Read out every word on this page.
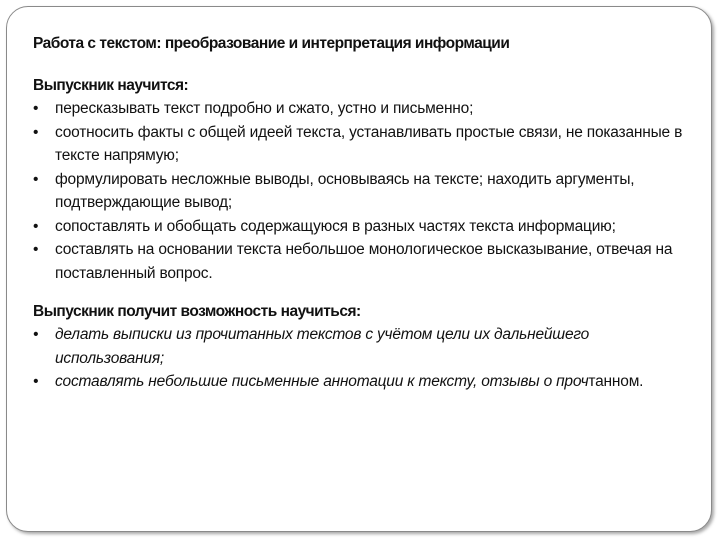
Работа с текстом: преобразование и интерпретация информации
Выпускник научится:
•	пересказывать текст подробно и сжато, устно и письменно;
•	соотносить факты с общей идеей текста, устанавливать простые связи, не показанные в тексте напрямую;
•	формулировать несложные выводы, основываясь на тексте; находить аргументы, подтверждающие вывод;
•	сопоставлять и обобщать содержащуюся в разных частях текста информацию;
•	составлять на основании текста небольшое монологическое высказывание, отвечая на поставленный вопрос.
Выпускник получит возможность научиться:
•	делать выписки из прочитанных текстов с учётом цели их дальнейшего использования;
•	составлять небольшие письменные аннотации к тексту, отзывы о прочтанном.
